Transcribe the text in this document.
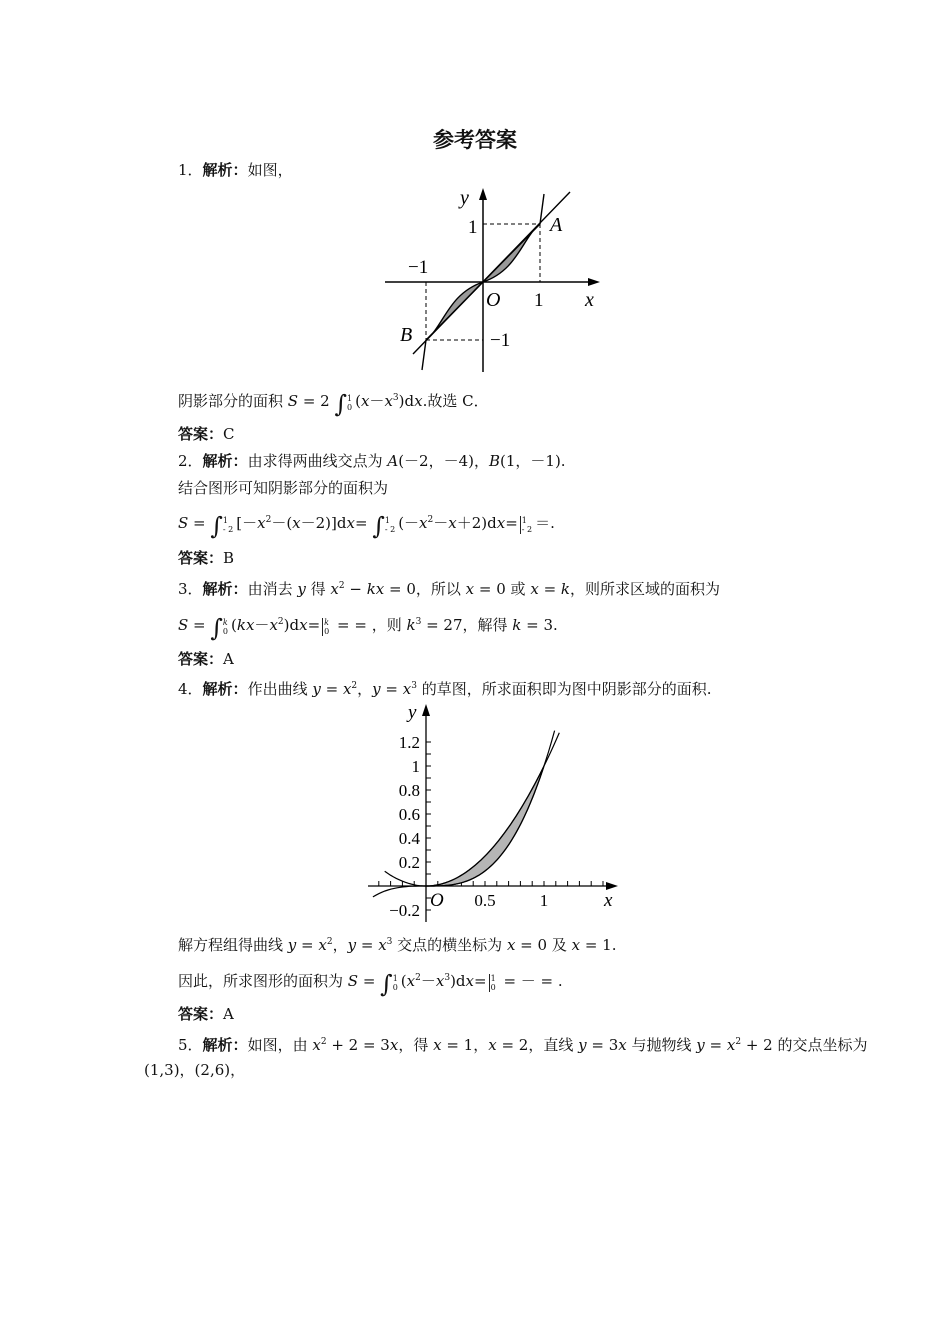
参考答案
1．解析：如图，
y
1	A
−1
O 1 x
B	−1
阴影部分的面积 S = 2 ∫ 1
0 $(x-x^3)dx$.故选 C．
答案：C
2．解析：由求得两曲线交点为 A(－2，－4)，B(1，－1).
结合图形可知阴影部分的面积为
S = ∫ 1
- 2 $[-x^2-(x-2)]dx=$ ∫ 1
- 2 $(-x^2-x+2)dx= 1$
- 2 ＝.
答案：B
3．解析：由消去 y 得 $x^2$ − kx = 0，所以 x = 0 或 x = k，则所求区域的面积为
S = ∫k
0 $(kx-x^2)dx= k$
0 = = ，则 $k^3 = 27$，解得 k = 3.
答案：A
4．解析：作出曲线 $y = x^2$，$y = x^3$ 的草图，所求面积即为图中阴影部分的面积.
y
x
O
1.2
1
0.8
0.6
0.4
0.2
−0.2
0.5	1
解方程组得曲线 $y = x^2$，$y = x^3$ 交点的横坐标为 x = 0 及 x = 1.
因此，所求图形的面积为 S = ∫ 1
0 $(x^2-x^3)dx= 1$
0 = － = .
答案：A
5．解析：如图，由 $x^2 + 2 = 3x$，得 x = 1，x = 2，直线 y = 3x 与抛物线 $y = x^2 + 2$ 的交点坐标为
(1,3)，(2,6)，
